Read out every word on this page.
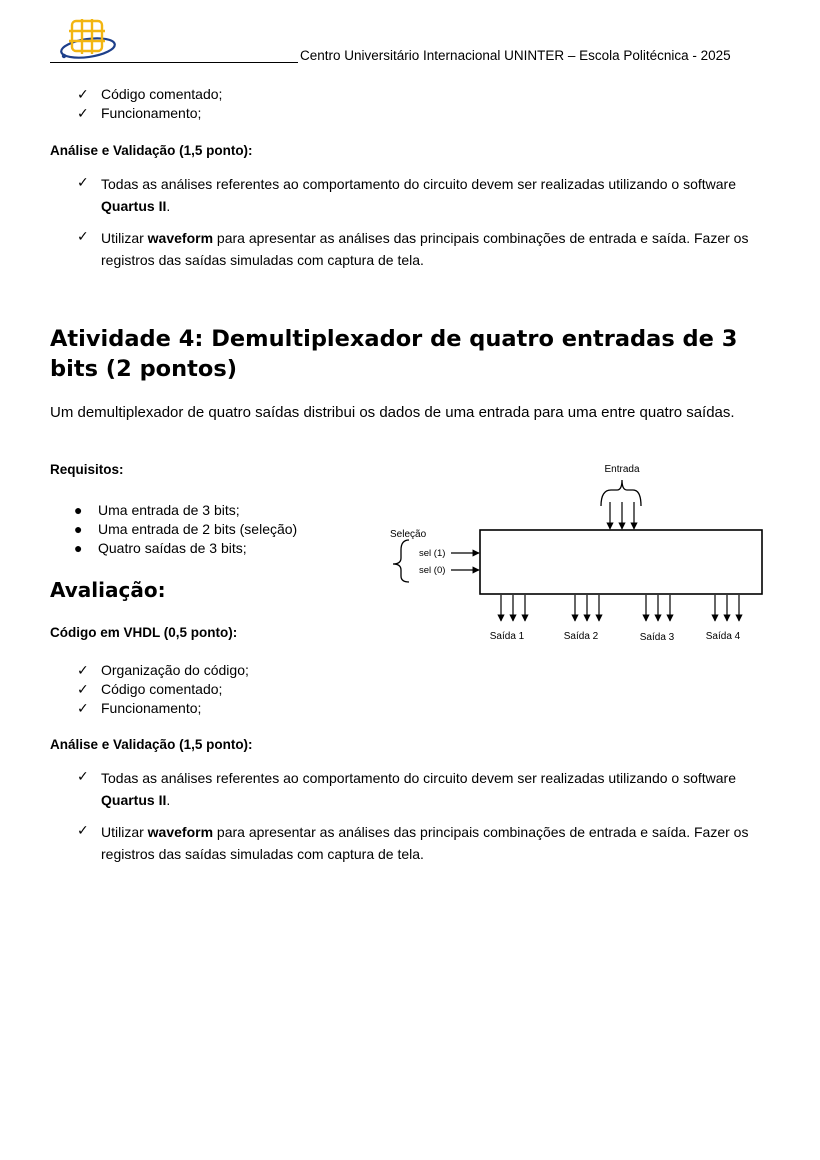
Centro Universitário Internacional UNINTER – Escola Politécnica - 2025
✓ Código comentado;
✓ Funcionamento;
Análise e Validação (1,5 ponto):
✓ Todas as análises referentes ao comportamento do circuito devem ser realizadas utilizando o software Quartus II.
✓ Utilizar waveform para apresentar as análises das principais combinações de entrada e saída. Fazer os registros das saídas simuladas com captura de tela.
Atividade 4: Demultiplexador de quatro entradas de 3 bits (2 pontos)
Um demultiplexador de quatro saídas distribui os dados de uma entrada para uma entre quatro saídas.
Requisitos:
●	Uma entrada de 3 bits;
●	Uma entrada de 2 bits (seleção)
●	Quatro saídas de 3 bits;
Entrada
Seleção
sel (1)
sel (0)
Saída 1	Saída 2	Saída 3	Saída 4
Avaliação:
Código em VHDL (0,5 ponto):
✓ Organização do código;
✓ Código comentado;
✓ Funcionamento;
Análise e Validação (1,5 ponto):
✓ Todas as análises referentes ao comportamento do circuito devem ser realizadas utilizando o software Quartus II.
✓ Utilizar waveform para apresentar as análises das principais combinações de entrada e saída. Fazer os registros das saídas simuladas com captura de tela.
